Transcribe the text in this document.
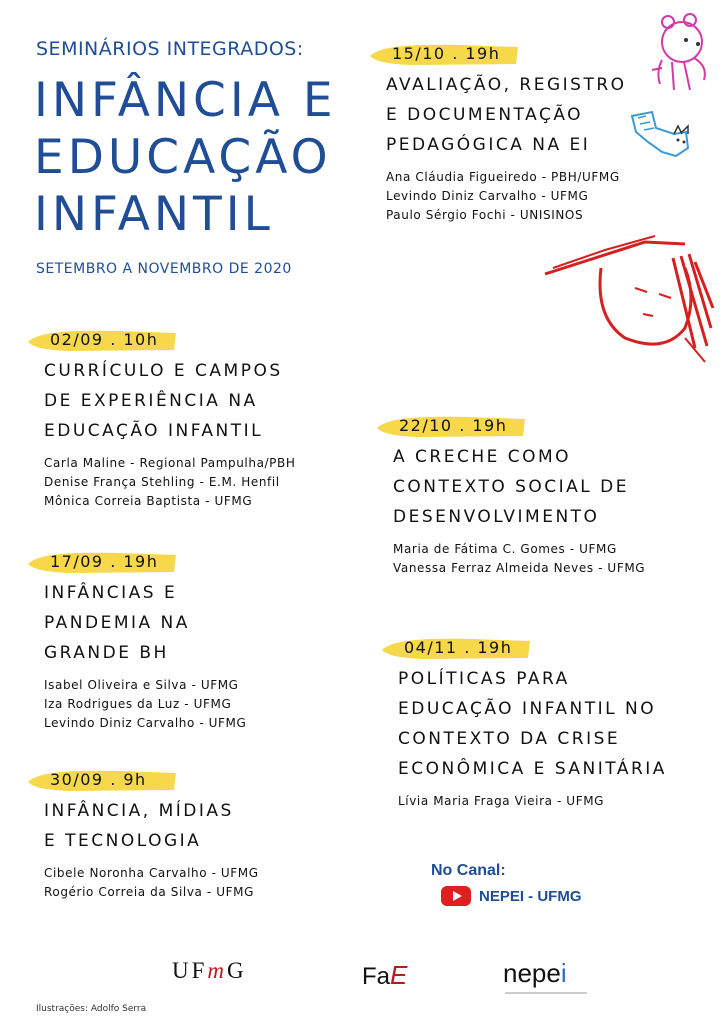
SEMINÁRIOS INTEGRADOS:
INFÂNCIA E
EDUCAÇÃO
INFANTIL
SETEMBRO A NOVEMBRO DE 2020
02/09 . 10h
CURRÍCULO E CAMPOS
DE EXPERIÊNCIA NA
EDUCAÇÃO INFANTIL
Carla Maline - Regional Pampulha/PBH
Denise França Stehling - E.M. Henfil
Mônica Correia Baptista - UFMG
17/09 . 19h
INFÂNCIAS E
PANDEMIA NA
GRANDE BH
Isabel Oliveira e Silva - UFMG
Iza Rodrigues da Luz - UFMG
Levindo Diniz Carvalho - UFMG
30/09 . 9h
INFÂNCIA, MÍDIAS
E TECNOLOGIA
Cibele Noronha Carvalho - UFMG
Rogério Correia da Silva - UFMG
15/10 . 19h
AVALIAÇÃO, REGISTRO
E DOCUMENTAÇÃO
PEDAGÓGICA NA EI
Ana Cláudia Figueiredo - PBH/UFMG
Levindo Diniz Carvalho - UFMG
Paulo Sérgio Fochi - UNISINOS
22/10 . 19h
A CRECHE COMO
CONTEXTO SOCIAL DE
DESENVOLVIMENTO
Maria de Fátima C. Gomes - UFMG
Vanessa Ferraz Almeida Neves - UFMG
04/11 . 19h
POLÍTICAS PARA
EDUCAÇÃO INFANTIL NO
CONTEXTO DA CRISE
ECONÔMICA E SANITÁRIA
Lívia Maria Fraga Vieira - UFMG
No Canal:
NEPEI - UFMG
UFmG	FaE	nepei
Ilustrações: Adolfo Serra
